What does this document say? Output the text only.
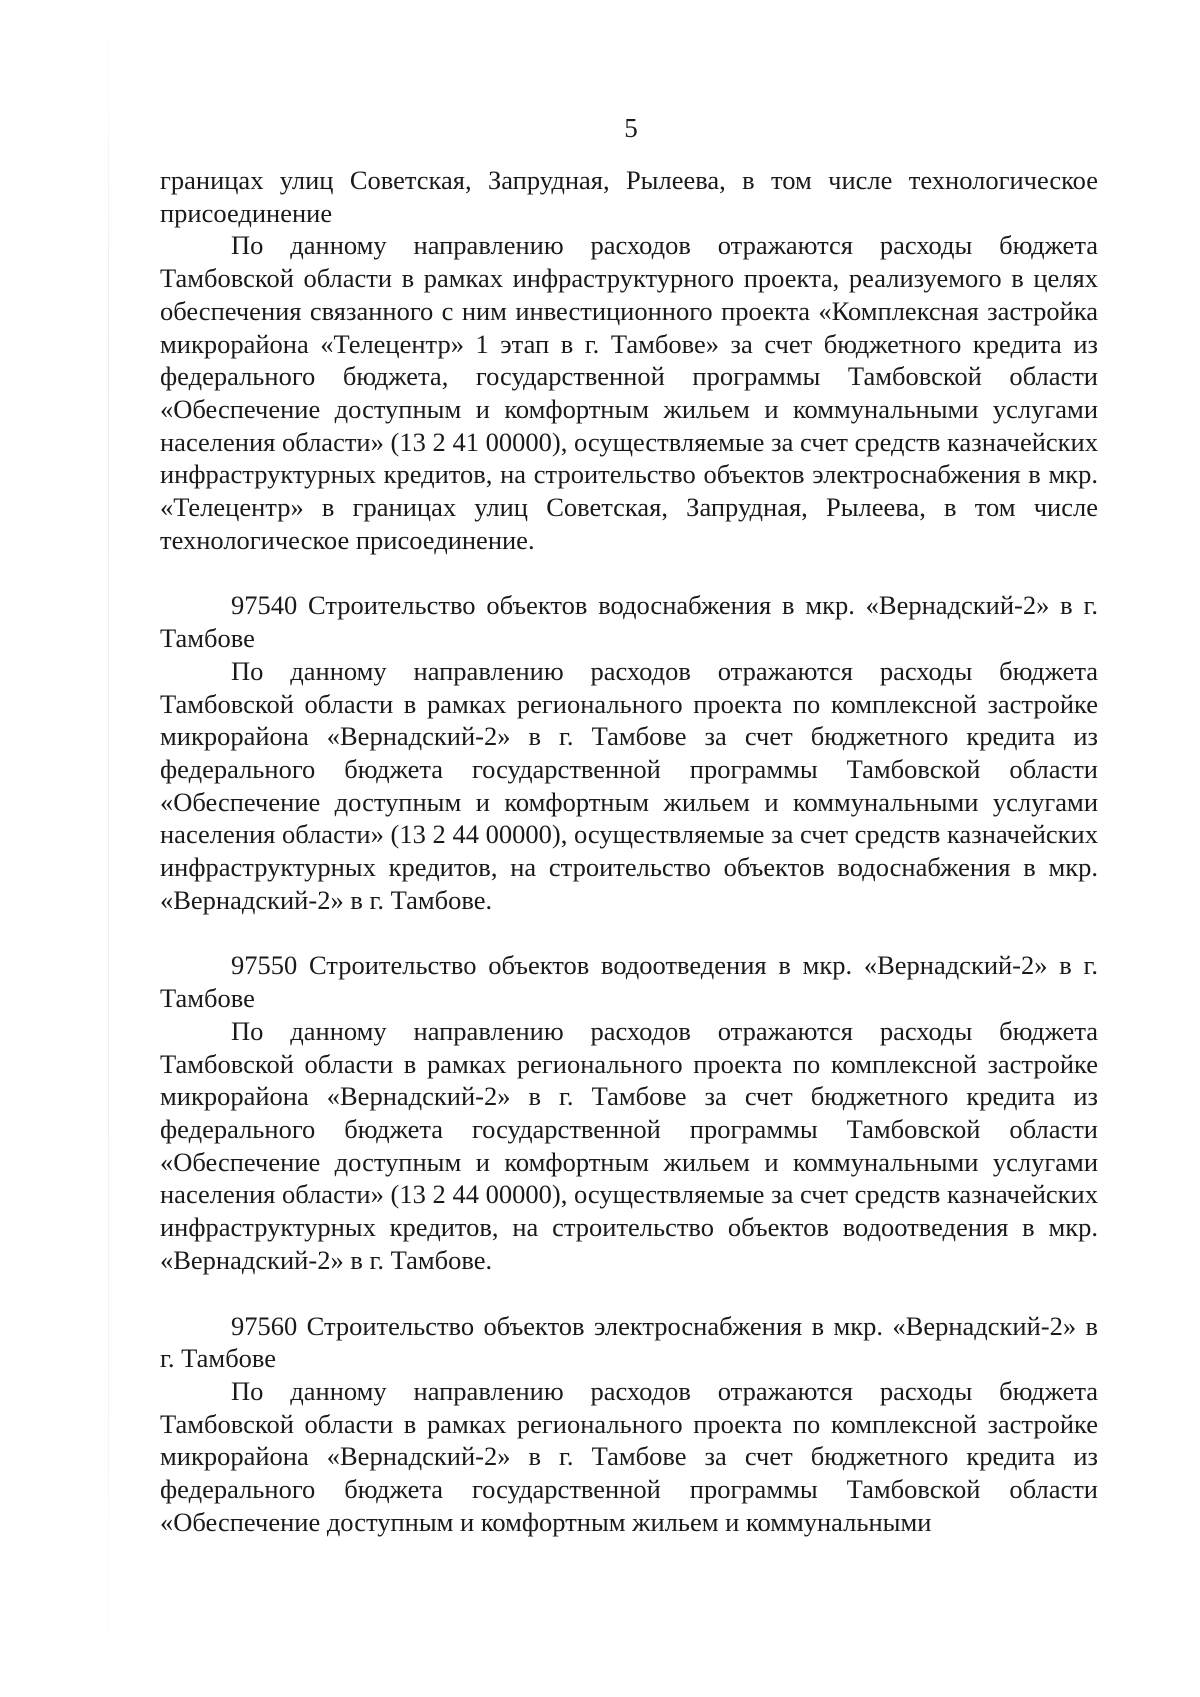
5

границах улиц Советская, Запрудная, Рылеева, в том числе технологическое присоединение

По данному направлению расходов отражаются расходы бюджета Тамбовской области в рамках инфраструктурного проекта, реализуемого в целях обеспечения связанного с ним инвестиционного проекта «Комплексная застройка микрорайона «Телецентр» 1 этап в г. Тамбове» за счет бюджетного кредита из федерального бюджета, государственной программы Тамбовской области «Обеспечение доступным и комфортным жильем и коммунальными услугами населения области» (13 2 41 00000), осуществляемые за счет средств казначейских инфраструктурных кредитов, на строительство объектов электроснабжения в мкр. «Телецентр» в границах улиц Советская, Запрудная, Рылеева, в том числе технологическое присоединение.

97540 Строительство объектов водоснабжения в мкр. «Вернадский-2» в г. Тамбове

По данному направлению расходов отражаются расходы бюджета Тамбовской области в рамках регионального проекта по комплексной застройке микрорайона «Вернадский-2» в г. Тамбове за счет бюджетного кредита из федерального бюджета государственной программы Тамбовской области «Обеспечение доступным и комфортным жильем и коммунальными услугами населения области» (13 2 44 00000), осуществляемые за счет средств казначейских инфраструктурных кредитов, на строительство объектов водоснабжения в мкр. «Вернадский-2» в г. Тамбове.

97550 Строительство объектов водоотведения в мкр. «Вернадский-2» в г. Тамбове

По данному направлению расходов отражаются расходы бюджета Тамбовской области в рамках регионального проекта по комплексной застройке микрорайона «Вернадский-2» в г. Тамбове за счет бюджетного кредита из федерального бюджета государственной программы Тамбовской области «Обеспечение доступным и комфортным жильем и коммунальными услугами населения области» (13 2 44 00000), осуществляемые за счет средств казначейских инфраструктурных кредитов, на строительство объектов водоотведения в мкр. «Вернадский-2» в г. Тамбове.

97560 Строительство объектов электроснабжения в мкр. «Вернадский-2» в г. Тамбове

По данному направлению расходов отражаются расходы бюджета Тамбовской области в рамках регионального проекта по комплексной застройке микрорайона «Вернадский-2» в г. Тамбове за счет бюджетного кредита из федерального бюджета государственной программы Тамбовской области «Обеспечение доступным и комфортным жильем и коммунальными
